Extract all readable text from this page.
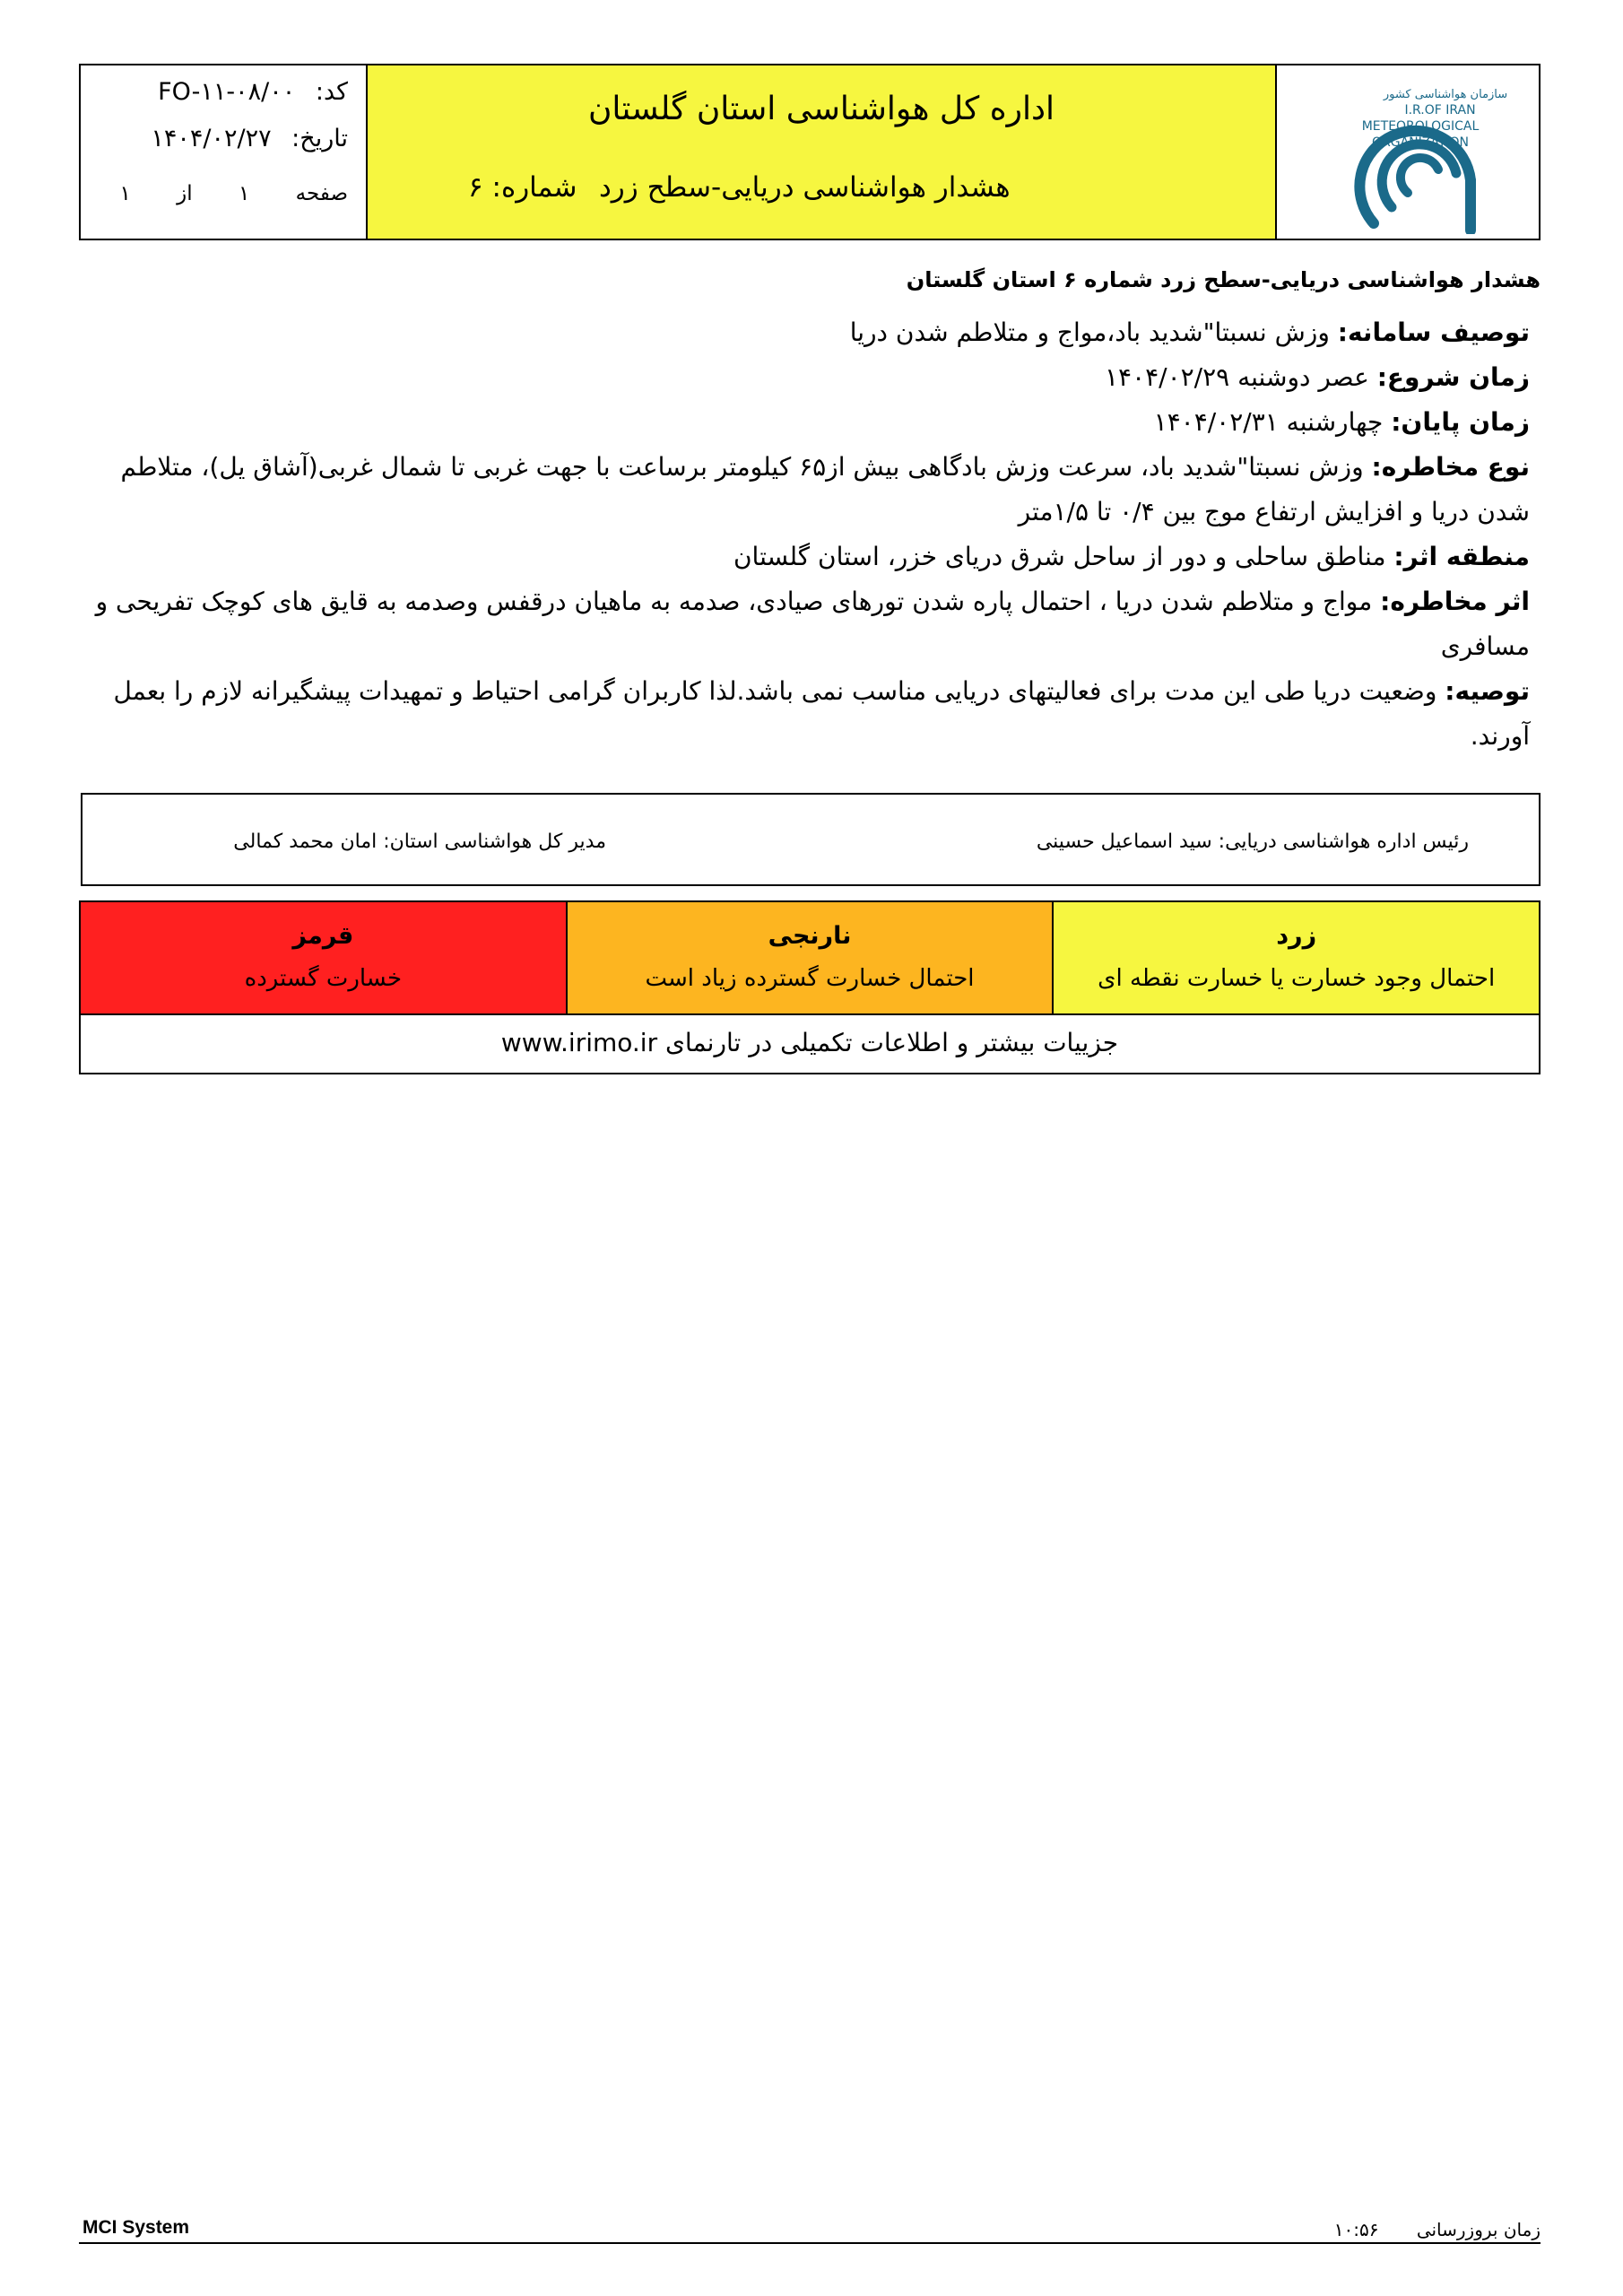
کد: FO-۱۱-۰۸/۰۰
تاریخ: ۱۴۰۴/۰۲/۲۷
صفحه ۱ از ۱
اداره کل هواشناسی استان گلستان
هشدار هواشناسی دریایی-سطح زرد
شماره: ۶
سازمان هواشناسی کشور
I.R.OF IRAN
METEOROLOGICAL
ORGANIZATION
هشدار هواشناسی دریایی-سطح زرد شماره ۶ استان گلستان

توصیف سامانه: وزش نسبتا"شدید باد،مواج و متلاطم شدن دریا

زمان شروع: عصر دوشنبه ۱۴۰۴/۰۲/۲۹

زمان پایان: چهارشنبه ۱۴۰۴/۰۲/۳۱

نوع مخاطره: وزش نسبتا"شدید باد، سرعت وزش بادگاهی بیش از۶۵ کیلومتر برساعت با جهت غربی تا شمال غربی(آشاق یل)، متلاطم شدن دریا و افزایش ارتفاع موج بین ۰/۴ تا ۱/۵متر

منطقه اثر: مناطق ساحلی و دور از ساحل شرق دریای خزر، استان گلستان

اثر مخاطره: مواج و متلاطم شدن دریا ، احتمال پاره شدن تورهای صیادی، صدمه به ماهیان درقفس وصدمه به قایق های کوچک تفریحی و مسافری

توصیه: وضعیت دریا طی این مدت برای فعالیتهای دریایی مناسب نمی باشد.لذا کاربران گرامی احتیاط و تمهیدات پیشگیرانه لازم را بعمل آورند.

رئیس اداره هواشناسی دریایی: سید اسماعیل حسینی
مدیر کل هواشناسی استان: امان محمد کمالی
قرمز
خسارت گسترده
نارنجی
احتمال خسارت گسترده زیاد است
زرد
احتمال وجود خسارت یا خسارت نقطه ای
جزییات بیشتر و اطلاعات تکمیلی در تارنمای www.irimo.ir
MCI System	زمان بروزرسانی ۱۰:۵۶
